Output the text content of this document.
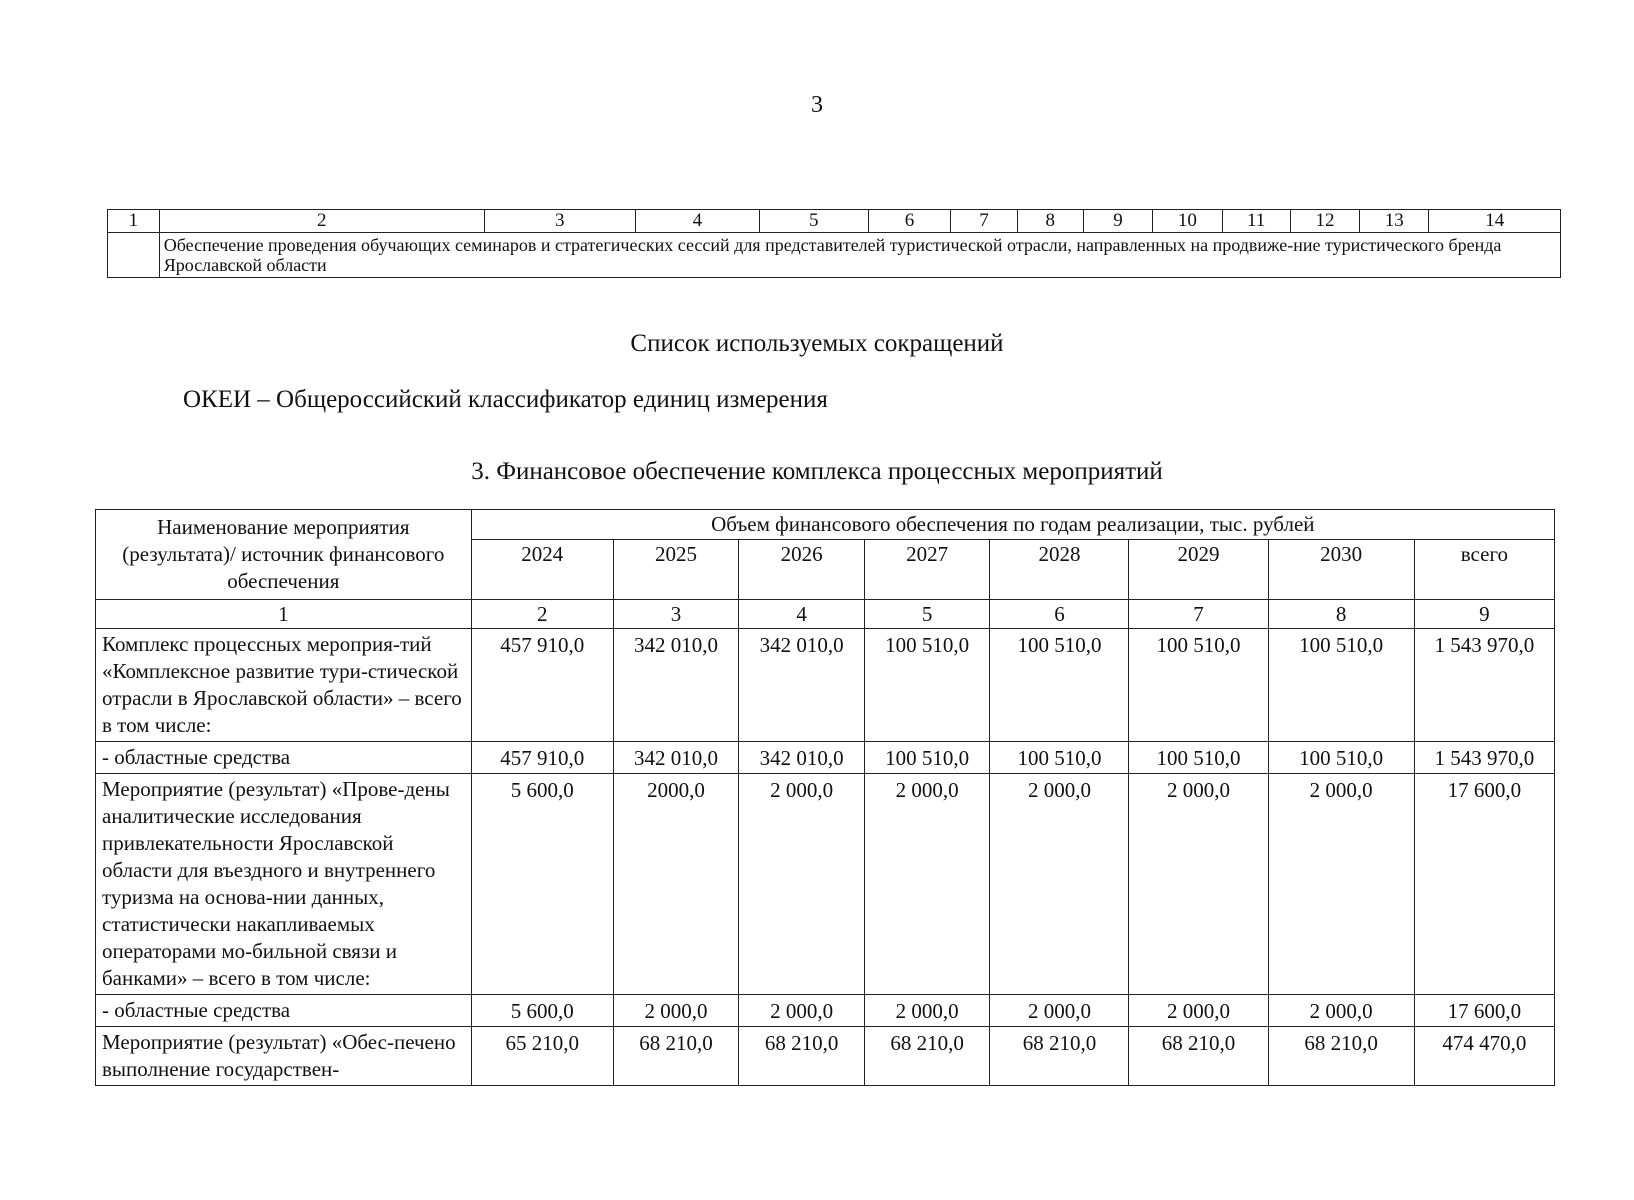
3
1	2	3	4	5	6	7	8	9	10	11	12	13	14
	Обеспечение проведения обучающих семинаров и стратегических сессий для представителей туристической отрасли, направленных на продвиже-ние туристического бренда Ярославской области												
Список используемых сокращений
ОКЕИ – Общероссийский классификатор единиц измерения
3. Финансовое обеспечение комплекса процессных мероприятий
Наименование мероприятия (результата)/ источник финансового обеспечения	Объем финансового обеспечения по годам реализации, тыс. рублей							
	2024	2025	2026	2027	2028	2029	2030	всего
1	2	3	4	5	6	7	8	9
Комплекс процессных мероприя-тий «Комплексное развитие тури-стической отрасли в Ярославской области» – всего в том числе:	457 910,0	342 010,0	342 010,0	100 510,0	100 510,0	100 510,0	100 510,0	1 543 970,0
- областные средства	457 910,0	342 010,0	342 010,0	100 510,0	100 510,0	100 510,0	100 510,0	1 543 970,0
Мероприятие (результат) «Прове-дены аналитические исследования привлекательности Ярославской области для въездного и внутреннего туризма на основа-нии данных, статистически накапливаемых операторами мо-бильной связи и банками» – всего в том числе:	5 600,0	2000,0	2 000,0	2 000,0	2 000,0	2 000,0	2 000,0	17 600,0
- областные средства	5 600,0	2 000,0	2 000,0	2 000,0	2 000,0	2 000,0	2 000,0	17 600,0
Мероприятие (результат) «Обес-печено выполнение государствен-	65 210,0	68 210,0	68 210,0	68 210,0	68 210,0	68 210,0	68 210,0	474 470,0
